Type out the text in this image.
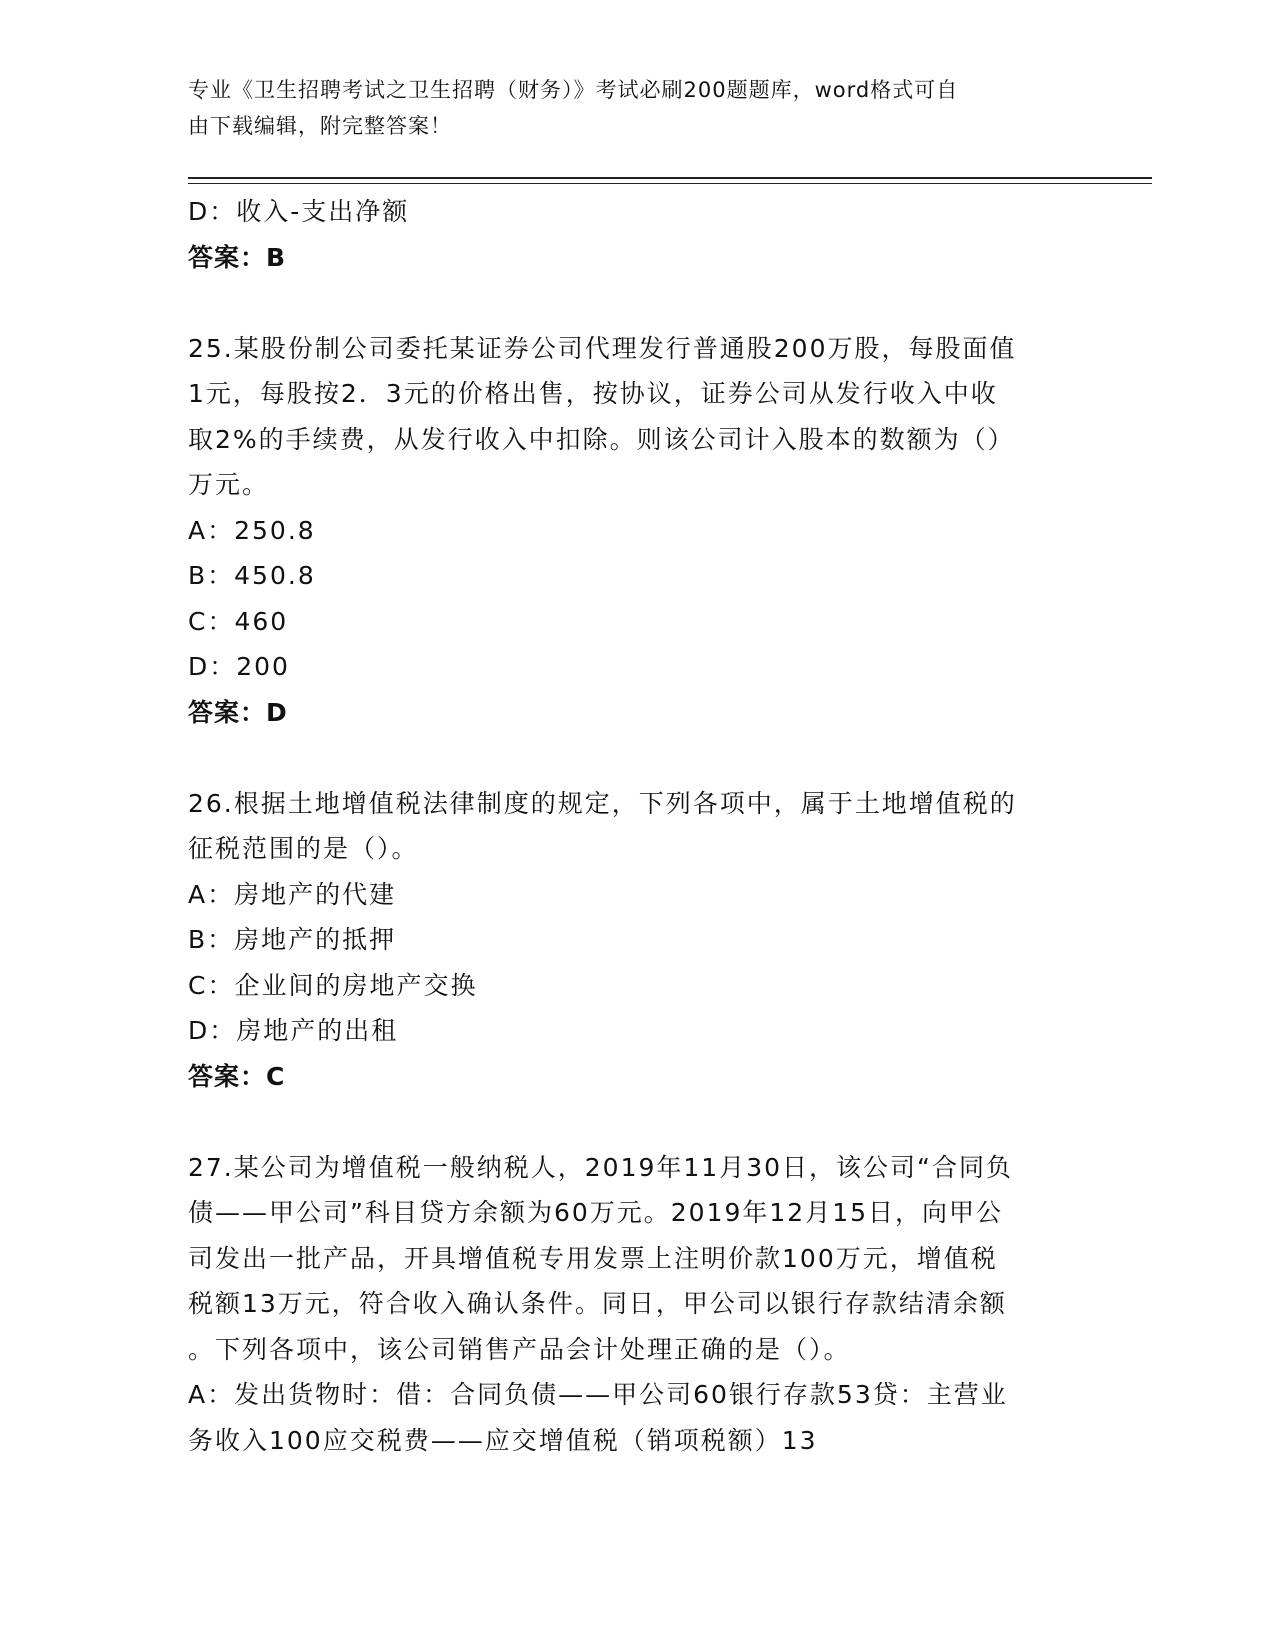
专业《卫生招聘考试之卫生招聘（财务）》考试必刷200题题库，word格式可自
由下载编辑，附完整答案！
D：收入-支出净额
答案：B
25.某股份制公司委托某证券公司代理发行普通股200万股，每股面值
1元，每股按2．3元的价格出售，按协议，证券公司从发行收入中收
取2%的手续费，从发行收入中扣除。则该公司计入股本的数额为（）
万元。
A：250.8
B：450.8
C：460
D：200
答案：D
26.根据土地增值税法律制度的规定，下列各项中，属于土地增值税的
征税范围的是（）。
A：房地产的代建
B：房地产的抵押
C：企业间的房地产交换
D：房地产的出租
答案：C
27.某公司为增值税一般纳税人，2019年11月30日，该公司“合同负
债——甲公司”科目贷方余额为60万元。2019年12月15日，向甲公
司发出一批产品，开具增值税专用发票上注明价款100万元，增值税
税额13万元，符合收入确认条件。同日，甲公司以银行存款结清余额
。下列各项中，该公司销售产品会计处理正确的是（）。
A：发出货物时：借：合同负债——甲公司60银行存款53贷：主营业
务收入100应交税费——应交增值税（销项税额）13
